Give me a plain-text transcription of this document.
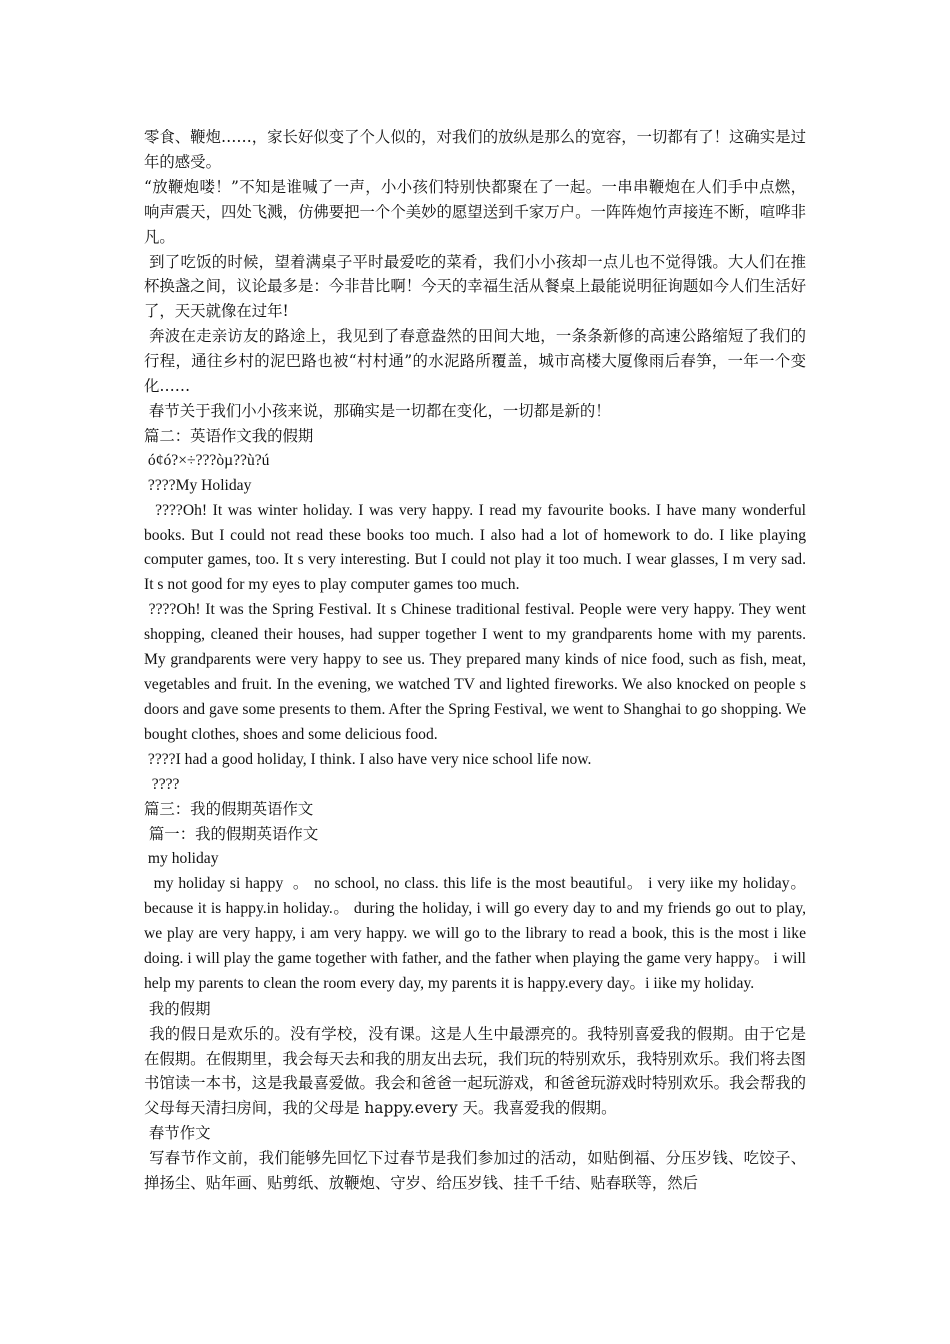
零食、鞭炮……，家长好似变了个人似的，对我们的放纵是那么的宽容，一切都有了！这确实是过年的感受。

“放鞭炮喽！”不知是谁喊了一声，小小孩们特别快都聚在了一起。一串串鞭炮在人们手中点燃，响声震天，四处飞溅，仿佛要把一个个美妙的愿望送到千家万户。一阵阵炮竹声接连不断，喧哗非凡。

到了吃饭的时候，望着满桌子平时最爱吃的菜肴，我们小小孩却一点儿也不觉得饿。大人们在推杯换盏之间，议论最多是：今非昔比啊！今天的幸福生活从餐桌上最能说明征询题如今人们生活好了，天天就像在过年!

奔波在走亲访友的路途上，我见到了春意盎然的田间大地，一条条新修的高速公路缩短了我们的行程，通往乡村的泥巴路也被“村村通”的水泥路所覆盖，城市高楼大厦像雨后春笋，一年一个变化……

春节关于我们小小孩来说，那确实是一切都在变化，一切都是新的！

篇二：英语作文我的假期

ó¢ó?×÷???òµ??ù?ú

????My Holiday

????Oh! It was winter holiday. I was very happy. I read my favourite books. I have many wonderful books. But I could not read these books too much. I also had a lot of homework to do. I like playing computer games, too. It s very interesting. But I could not play it too much. I wear glasses, I m very sad. It s not good for my eyes to play computer games too much.

????Oh! It was the Spring Festival. It s Chinese traditional festival. People were very happy. They went shopping, cleaned their houses, had supper together I went to my grandparents home with my parents. My grandparents were very happy to see us. They prepared many kinds of nice food, such as fish, meat, vegetables and fruit. In the evening, we watched TV and lighted fireworks. We also knocked on people s doors and gave some presents to them. After the Spring Festival, we went to Shanghai to go shopping. We bought clothes, shoes and some delicious food.

????I had a good holiday, I think. I also have very nice school life now.

????

篇三：我的假期英语作文

篇一：我的假期英语作文

my holiday

my holiday si happy  。 no school, no class. this life is the most beautiful。 i very iike my holiday。  because it is happy.in holiday.。 during the holiday, i will go every day to and my friends go out to play, we play are very happy, i am very happy. we will go to the library to read a book, this is the most i like doing. i will play the game together with father, and the father when playing the game very happy。 i will help my parents to clean the room every day, my parents it is happy.every day。i iike my holiday.

我的假期

我的假日是欢乐的。没有学校，没有课。这是人生中最漂亮的。我特别喜爱我的假期。由于它是在假期。在假期里，我会每天去和我的朋友出去玩，我们玩的特别欢乐，我特别欢乐。我们将去图书馆读一本书，这是我最喜爱做。我会和爸爸一起玩游戏，和爸爸玩游戏时特别欢乐。我会帮我的父母每天清扫房间，我的父母是 happy.every 天。我喜爱我的假期。

春节作文

写春节作文前，我们能够先回忆下过春节是我们参加过的活动，如贴倒福、分压岁钱、吃饺子、掸扬尘、贴年画、贴剪纸、放鞭炮、守岁、给压岁钱、挂千千结、贴春联等，然后
